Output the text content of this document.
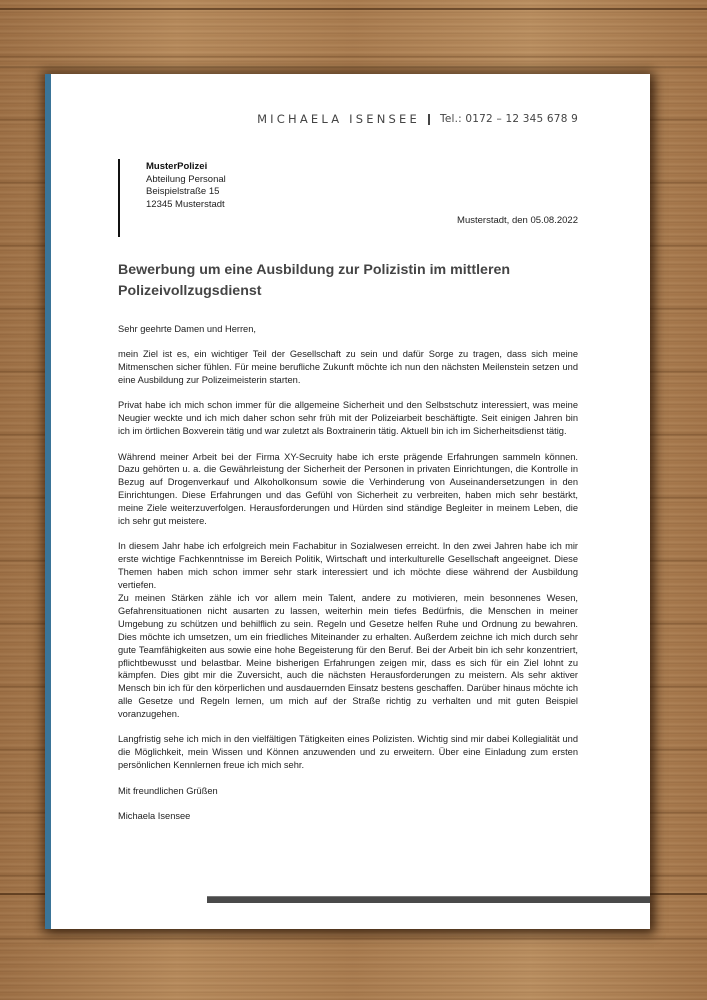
MICHAELA ISENSEE Tel.: 0172 – 12 345 678 9
MusterPolizei
Abteilung Personal
Beispielstraße 15
12345 Musterstadt
Musterstadt, den 05.08.2022
Bewerbung um eine Ausbildung zur Polizistin im mittleren Polizeivollzugsdienst

Sehr geehrte Damen und Herren,

mein Ziel ist es, ein wichtiger Teil der Gesellschaft zu sein und dafür Sorge zu tragen, dass sich meine Mitmenschen sicher fühlen. Für meine berufliche Zukunft möchte ich nun den nächsten Meilenstein setzen und eine Ausbildung zur Polizeimeisterin starten.

Privat habe ich mich schon immer für die allgemeine Sicherheit und den Selbstschutz interessiert, was meine Neugier weckte und ich mich daher schon sehr früh mit der Polizeiarbeit beschäftigte. Seit einigen Jahren bin ich im örtlichen Boxverein tätig und war zuletzt als Boxtrainerin tätig. Aktuell bin ich im Sicherheitsdienst tätig.

Während meiner Arbeit bei der Firma XY-Secruity habe ich erste prägende Erfahrungen sammeln können. Dazu gehörten u. a. die Gewährleistung der Sicherheit der Personen in privaten Einrichtungen, die Kontrolle in Bezug auf Drogenverkauf und Alkoholkonsum sowie die Verhinderung von Auseinandersetzungen in den Einrichtungen. Diese Erfahrungen und das Gefühl von Sicherheit zu verbreiten, haben mich sehr bestärkt, meine Ziele weiterzuverfolgen. Herausforderungen und Hürden sind ständige Begleiter in meinem Leben, die ich sehr gut meistere.

In diesem Jahr habe ich erfolgreich mein Fachabitur in Sozialwesen erreicht. In den zwei Jahren habe ich mir erste wichtige Fachkenntnisse im Bereich Politik, Wirtschaft und interkulturelle Gesellschaft angeeignet. Diese Themen haben mich schon immer sehr stark interessiert und ich möchte diese während der Ausbildung vertiefen.

Zu meinen Stärken zähle ich vor allem mein Talent, andere zu motivieren, mein besonnenes Wesen, Gefahrensituationen nicht ausarten zu lassen, weiterhin mein tiefes Bedürfnis, die Menschen in meiner Umgebung zu schützen und behilflich zu sein. Regeln und Gesetze helfen Ruhe und Ordnung zu bewahren. Dies möchte ich umsetzen, um ein friedliches Miteinander zu erhalten. Außerdem zeichne ich mich durch sehr gute Teamfähigkeiten aus sowie eine hohe Begeisterung für den Beruf. Bei der Arbeit bin ich sehr konzentriert, pflichtbewusst und belastbar. Meine bisherigen Erfahrungen zeigen mir, dass es sich für ein Ziel lohnt zu kämpfen. Dies gibt mir die Zuversicht, auch die nächsten Herausforderungen zu meistern. Als sehr aktiver Mensch bin ich für den körperlichen und ausdauernden Einsatz bestens geschaffen. Darüber hinaus möchte ich alle Gesetze und Regeln lernen, um mich auf der Straße richtig zu verhalten und mit guten Beispiel voranzugehen.

Langfristig sehe ich mich in den vielfältigen Tätigkeiten eines Polizisten. Wichtig sind mir dabei Kollegialität und die Möglichkeit, mein Wissen und Können anzuwenden und zu erweitern. Über eine Einladung zum ersten persönlichen Kennlernen freue ich mich sehr.

Mit freundlichen Grüßen

Michaela Isensee
